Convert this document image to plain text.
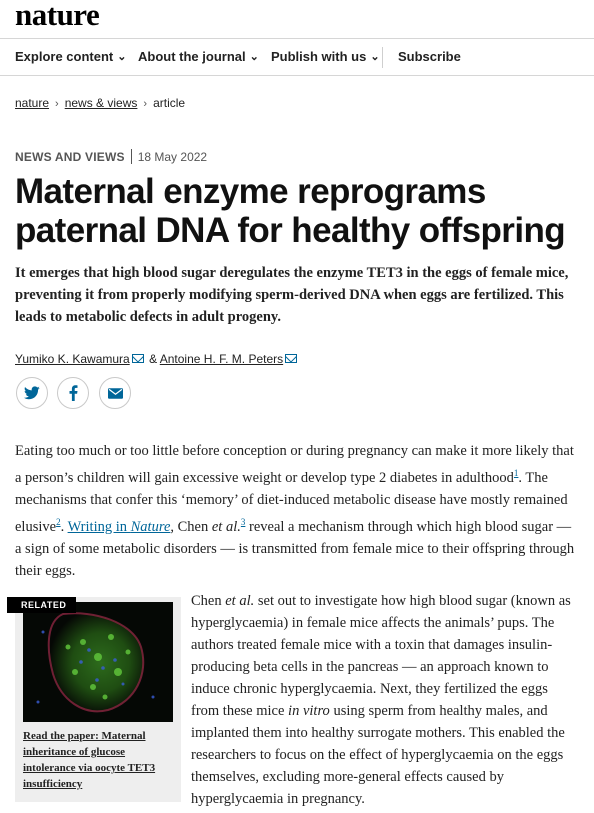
nature
Explore content ⌄ About the journal ⌄ Publish with us ⌄ Subscribe
nature › news & views › article
NEWS AND VIEWS 18 May 2022
Maternal enzyme reprograms paternal DNA for healthy offspring

It emerges that high blood sugar deregulates the enzyme TET3 in the eggs of female mice, preventing it from properly modifying sperm-derived DNA when eggs are fertilized. This leads to metabolic defects in adult progeny.

Yumiko K. Kawamura & Antoine H. F. M. Peters

Eating too much or too little before conception or during pregnancy can make it more likely that a person’s children will gain excessive weight or develop type 2 diabetes in adulthood$^1$. The mechanisms that confer this ‘memory’ of diet-induced metabolic disease have mostly remained elusive$^2$. Writing in Nature, Chen et al.$^3$ reveal a mechanism through which high blood sugar — a sign of some metabolic disorders — is transmitted from female mice to their offspring through their eggs.

RELATED
Read the paper: Maternal inheritance of glucose intolerance via oocyte TET3 insufficiency

Chen et al. set out to investigate how high blood sugar (known as hyperglycaemia) in female mice affects the animals’ pups. The authors treated female mice with a toxin that damages insulin-producing beta cells in the pancreas — an approach known to induce chronic hyperglycaemia. Next, they fertilized the eggs from these mice in vitro using sperm from healthy males, and implanted them into healthy surrogate mothers. This enabled the researchers to focus on the effect of hyperglycaemia on the eggs themselves, excluding more-general effects caused by hyperglycaemia in pregnancy.
